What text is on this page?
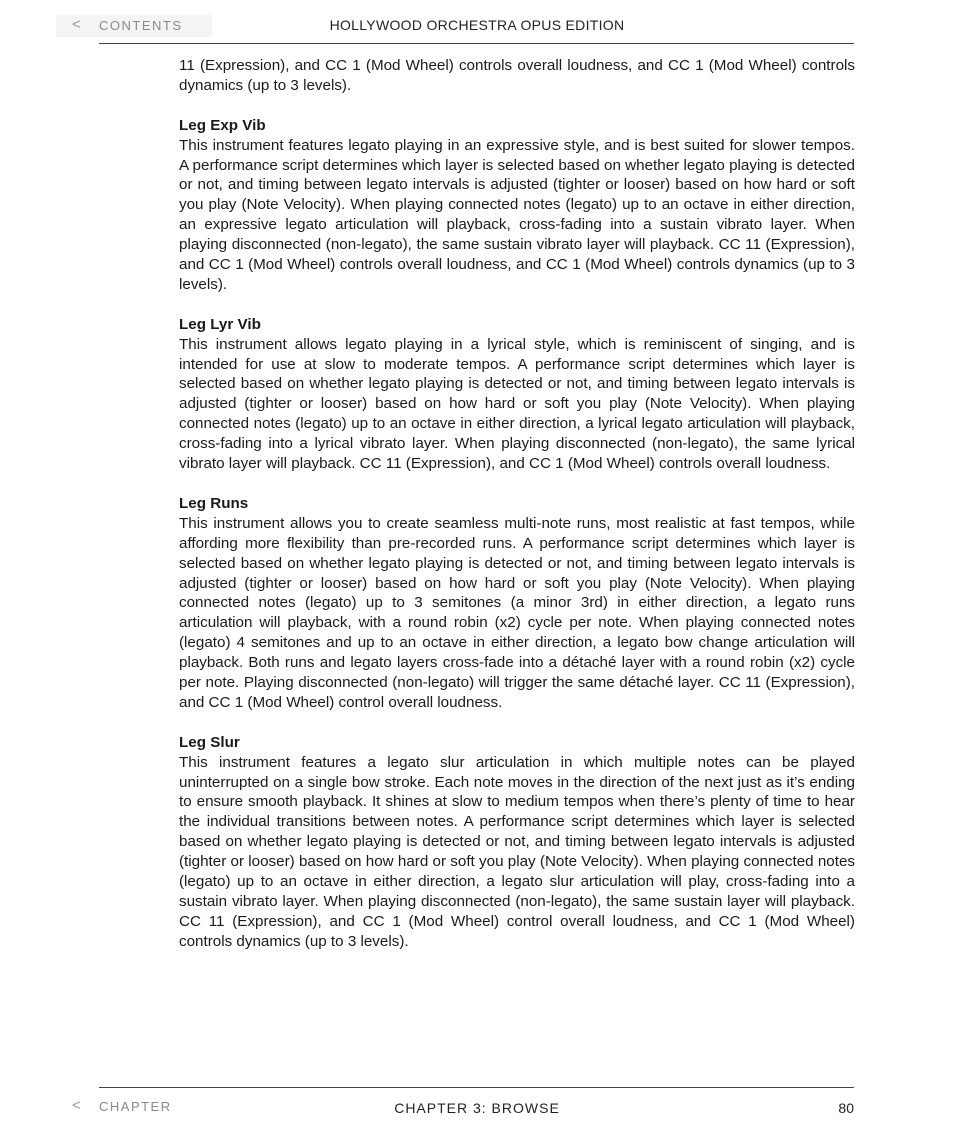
< CONTENTS	HOLLYWOOD ORCHESTRA OPUS EDITION

11 (Expression), and CC 1 (Mod Wheel) controls overall loudness, and CC 1 (Mod Wheel) controls dynamics (up to 3 levels).

Leg Exp Vib

This instrument features legato playing in an expressive style, and is best suited for slower tempos. A performance script determines which layer is selected based on whether legato playing is detected or not, and timing between legato intervals is adjusted (tighter or looser) based on how hard or soft you play (Note Velocity). When playing connected notes (legato) up to an octave in either direction, an expressive legato articulation will playback, cross-fading into a sustain vibrato layer. When playing disconnected (non-legato), the same sustain vibrato layer will playback. CC 11 (Expression), and CC 1 (Mod Wheel) controls overall loudness, and CC 1 (Mod Wheel) controls dynamics (up to 3 levels).

Leg Lyr Vib

This instrument allows legato playing in a lyrical style, which is reminiscent of singing, and is intended for use at slow to moderate tempos. A performance script determines which layer is selected based on whether legato playing is detected or not, and timing between legato intervals is adjusted (tighter or looser) based on how hard or soft you play (Note Velocity). When playing connected notes (legato) up to an octave in either direction, a lyrical legato articulation will playback, cross-fading into a lyrical vibrato layer. When playing disconnected (non-legato), the same lyrical vibrato layer will playback. CC 11 (Expression), and CC 1 (Mod Wheel) controls overall loudness.

Leg Runs

This instrument allows you to create seamless multi-note runs, most realistic at fast tempos, while affording more flexibility than pre-recorded runs. A performance script determines which layer is selected based on whether legato playing is detected or not, and timing between legato intervals is adjusted (tighter or looser) based on how hard or soft you play (Note Velocity). When playing connected notes (legato) up to 3 semitones (a minor 3rd) in either direction, a legato runs articulation will playback, with a round robin (x2) cycle per note. When playing connected notes (legato) 4 semitones and up to an octave in either direction, a legato bow change articulation will playback. Both runs and legato layers cross-fade into a détaché layer with a round robin (x2) cycle per note. Playing disconnected (non-legato) will trigger the same détaché layer. CC 11 (Expression), and CC 1 (Mod Wheel) control overall loudness.

Leg Slur

This instrument features a legato slur articulation in which multiple notes can be played uninterrupted on a single bow stroke. Each note moves in the direction of the next just as it’s ending to ensure smooth playback. It shines at slow to medium tempos when there’s plenty of time to hear the individual transitions between notes. A performance script determines which layer is selected based on whether legato playing is detected or not, and timing between legato intervals is adjusted (tighter or looser) based on how hard or soft you play (Note Velocity). When playing connected notes (legato) up to an octave in either direction, a legato slur articulation will play, cross-fading into a sustain vibrato layer. When playing disconnected (non-legato), the same sustain layer will playback. CC 11 (Expression), and CC 1 (Mod Wheel) control overall loudness, and CC 1 (Mod Wheel) controls dynamics (up to 3 levels).

< CHAPTER	CHAPTER 3: BROWSE	80
